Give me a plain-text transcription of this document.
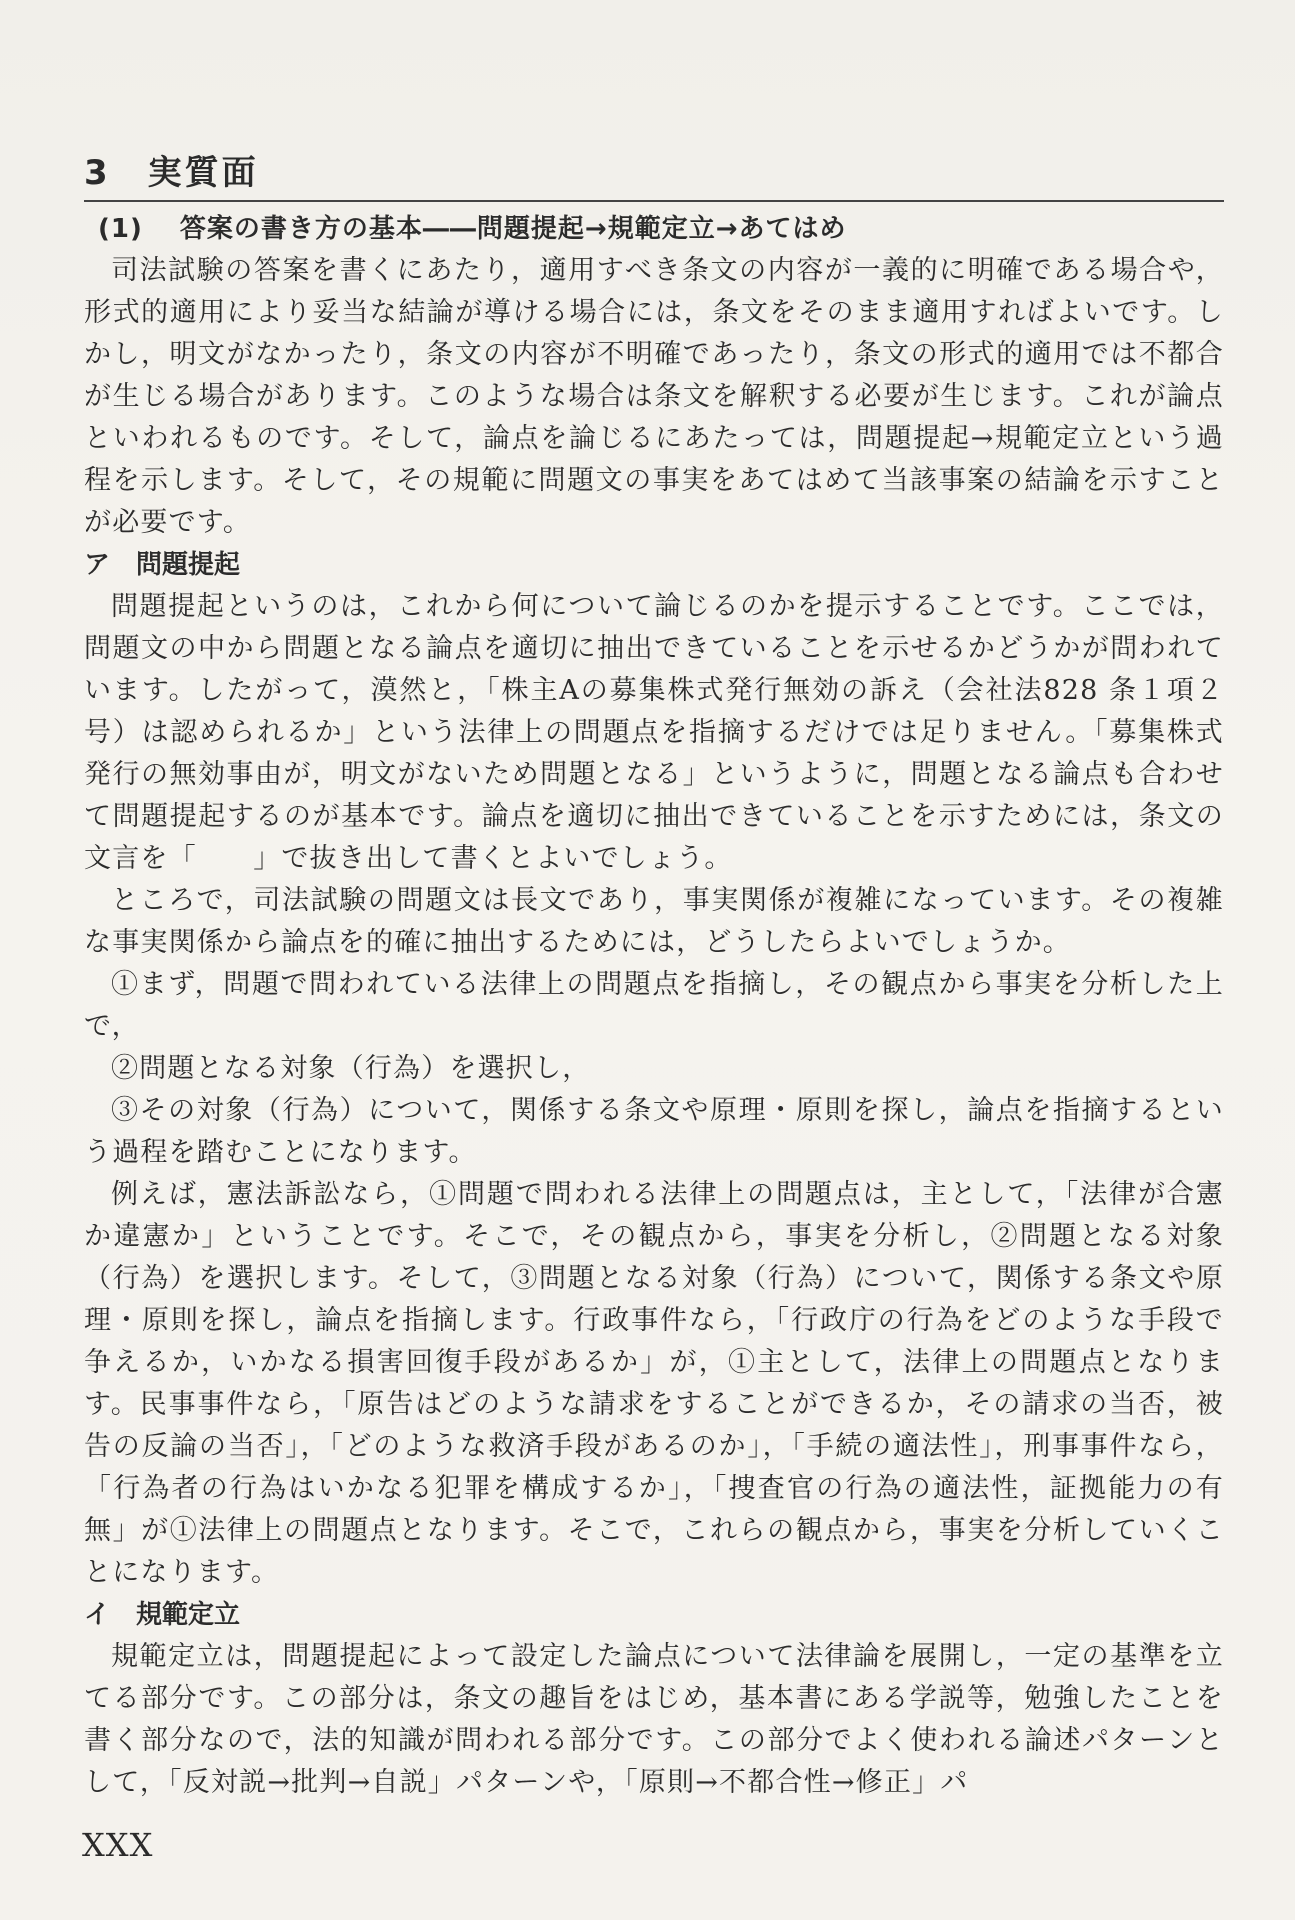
3　実質面
(1)　 答案の書き方の基本――問題提起→規範定立→あてはめ

司法試験の答案を書くにあたり，適用すべき条文の内容が一義的に明確である場合や，形式的適用により妥当な結論が導ける場合には，条文をそのまま適用すればよいです。しかし，明文がなかったり，条文の内容が不明確であったり，条文の形式的適用では不都合が生じる場合があります。このような場合は条文を解釈する必要が生じます。これが論点といわれるものです。そして，論点を論じるにあたっては，問題提起→規範定立という過程を示します。そして，その規範に問題文の事実をあてはめて当該事案の結論を示すことが必要です。

ア　問題提起

問題提起というのは，これから何について論じるのかを提示することです。ここでは，問題文の中から問題となる論点を適切に抽出できていることを示せるかどうかが問われています。したがって，漠然と，「株主Aの募集株式発行無効の訴え（会社法828 条１項２号）は認められるか」という法律上の問題点を指摘するだけでは足りません。「募集株式発行の無効事由が，明文がないため問題となる」というように，問題となる論点も合わせて問題提起するのが基本です。論点を適切に抽出できていることを示すためには，条文の文言を「　　」で抜き出して書くとよいでしょう。

ところで，司法試験の問題文は長文であり，事実関係が複雑になっています。その複雑な事実関係から論点を的確に抽出するためには，どうしたらよいでしょうか。

①まず，問題で問われている法律上の問題点を指摘し，その観点から事実を分析した上で，

②問題となる対象（行為）を選択し，

③その対象（行為）について，関係する条文や原理・原則を探し，論点を指摘するという過程を踏むことになります。

例えば，憲法訴訟なら，①問題で問われる法律上の問題点は，主として，「法律が合憲か違憲か」ということです。そこで，その観点から，事実を分析し，②問題となる対象（行為）を選択します。そして，③問題となる対象（行為）について，関係する条文や原理・原則を探し，論点を指摘します。行政事件なら，「行政庁の行為をどのような手段で争えるか，いかなる損害回復手段があるか」が，①主として，法律上の問題点となります。民事事件なら，「原告はどのような請求をすることができるか，その請求の当否，被告の反論の当否」，「どのような救済手段があるのか」，「手続の適法性」，刑事事件なら，「行為者の行為はいかなる犯罪を構成するか」，「捜査官の行為の適法性，証拠能力の有無」が①法律上の問題点となります。そこで，これらの観点から，事実を分析していくことになります。

イ　規範定立

規範定立は，問題提起によって設定した論点について法律論を展開し，一定の基準を立てる部分です。この部分は，条文の趣旨をはじめ，基本書にある学説等，勉強したことを書く部分なので，法的知識が問われる部分です。この部分でよく使われる論述パターンとして，「反対説→批判→自説」パターンや，「原則→不都合性→修正」パ

XXX
